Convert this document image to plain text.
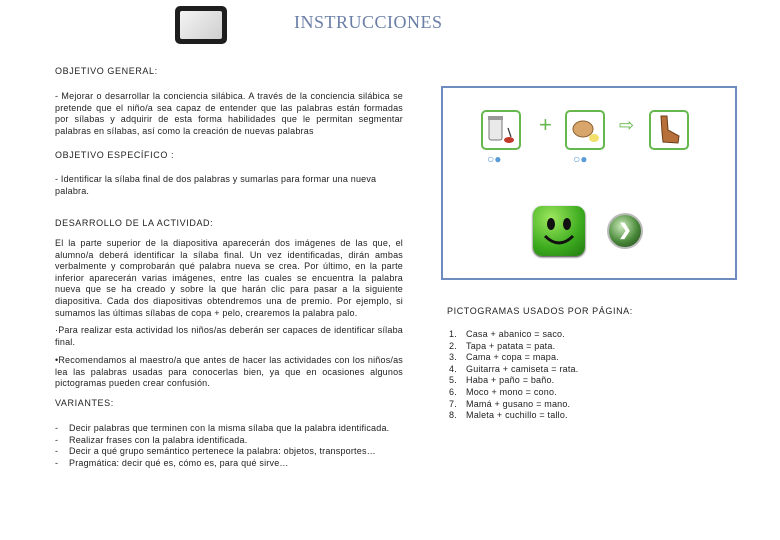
INSTRUCCIONES
OBJETIVO GENERAL:
- Mejorar o desarrollar la conciencia silábica. A través de la conciencia silábica se pretende que el niño/a sea capaz de entender que las palabras están formadas por sílabas y adquirir de esta forma habilidades que le permitan segmentar palabras en sílabas, así como la creación de nuevas palabras
OBJETIVO ESPECÍFICO :
- Identificar la sílaba final de dos palabras y sumarlas para formar una nueva palabra.
DESARROLLO DE LA ACTIVIDAD:
El la parte superior de la diapositiva aparecerán dos imágenes de las que, el alumno/a deberá identificar la sílaba final. Un vez identificadas, dirán ambas verbalmente y comprobarán qué palabra nueva se crea. Por último, en la parte inferior aparecerán varias imágenes, entre las cuales se encuentra la palabra nueva que se ha creado y sobre la que harán clic para pasar a la siguiente diapositiva. Cada dos diapositivas obtendremos una de premio. Por ejemplo, si sumamos las últimas sílabas de copa + pelo, crearemos la palabra palo.
·Para realizar esta actividad los niños/as deberán ser capaces de identificar sílaba final.
•Recomendamos al maestro/a que antes de hacer las actividades con los niños/as lea las palabras usadas para conocerlas bien, ya que en ocasiones algunos pictogramas pueden crear confusión.
VARIANTES:
- Decir palabras que terminen con la misma sílaba que la palabra identificada.
- Realizar frases con la palabra identificada.
- Decir a qué grupo semántico pertenece la palabra: objetos, transportes…
- Pragmática: decir qué es, cómo es, para qué sirve…
+	⇨
○●	○●
❯
PICTOGRAMAS USADOS POR PÁGINA:
1.	Casa + abanico = saco.
2.	Tapa + patata = pata.
3.	Cama + copa = mapa.
4.	Guitarra + camiseta = rata.
5.	Haba + paño = baño.
6.	Moco + mono = cono.
7.	Mamá + gusano = mano.
8.	Maleta + cuchillo = tallo.
